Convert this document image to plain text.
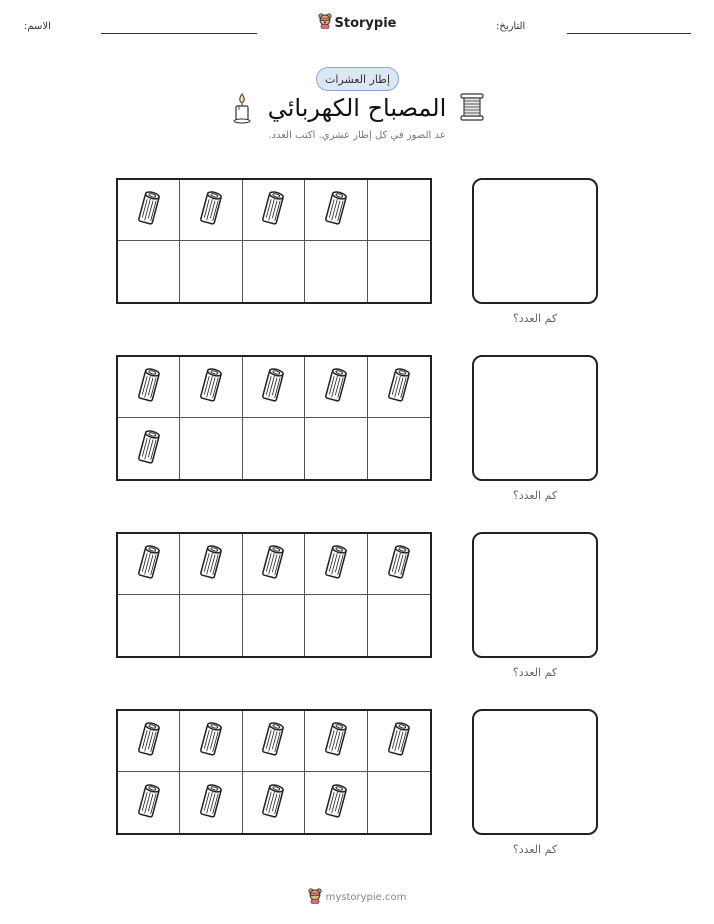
الاسم:	التاريخ:
Storypie
إطار العشرات
المصباح الكهربائي
عد الصور في كل إطار عشري. اكتب العدد.
كم العدد؟
كم العدد؟
كم العدد؟
كم العدد؟
mystorypie.com
